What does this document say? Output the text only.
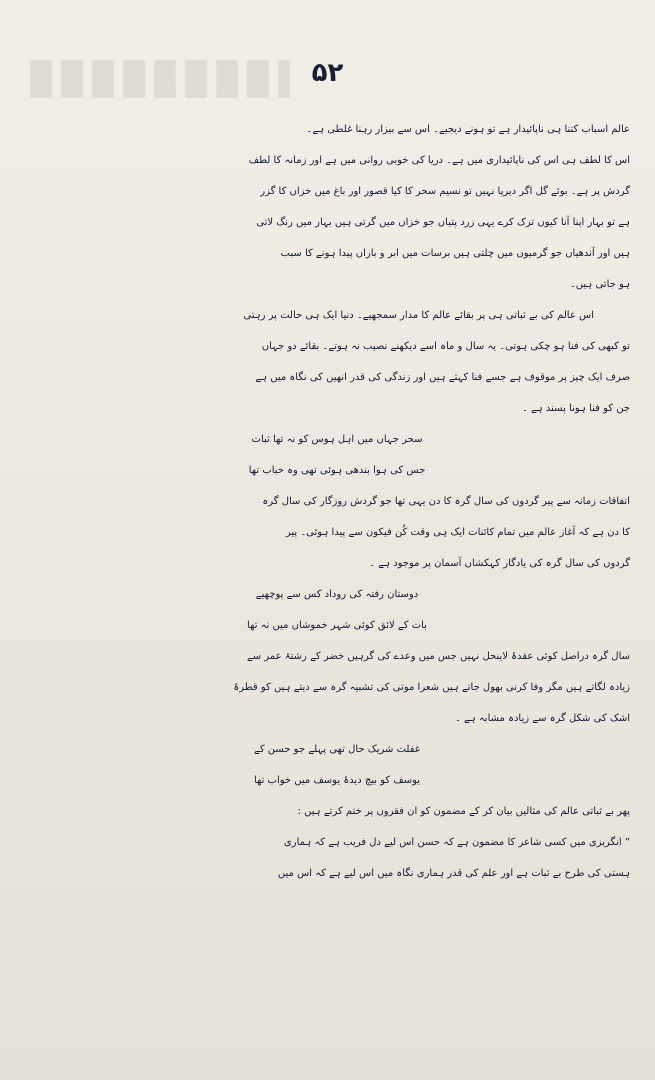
۵۲
عالم اسباب کتنا ہی ناپائیدار ہے تو ہونے دیجیے۔ اس سے بیزار رہنا غلطی ہے۔
اس کا لطف ہی اس کی ناپائیداری میں ہے۔ دریا کی خوبی روانی میں ہے اور زمانہ کا لطف
گردش پر ہے۔ بوئے گل اگر دیرپا نہیں تو نسیم سحر کا کیا قصور اور باغ میں خزاں کا گزر
ہے تو بہار اپنا آنا کیوں ترک کرے یہی زرد پتیاں جو خزاں میں گرتی ہیں بہار میں رنگ لاتی
ہیں اور آندھیاں جو گرمیوں میں چلتی ہیں برسات میں ابر و باراں پیدا ہونے کا سبب
ہو جاتی ہیں۔
اس عالم کی بے ثباتی ہی پر بقائے عالم کا مدار سمجھیے۔ دنیا ایک ہی حالت پر رہتی
تو کبھی کی فنا ہو چکی ہوتی۔ یہ سال و ماہ اسے دیکھنے نصیب نہ ہوتے۔ بقائے دو جہاں
صرف ایک چیز پر موقوف ہے جسے فنا کہتے ہیں اور زندگی کی قدر انھیں کی نگاہ میں ہے
جن کو فنا ہونا پسند ہے ۔
سحر جہاں میں اہل ہوس کو نہ تھا ثبات
جس کی ہوا بندھی ہوئی تھی وہ حباب تھا
اتفاقات زمانہ سے پیر گردوں کی سال گرہ کا دن یہی تھا جو گردش روزگار کی سال گرہ
کا دن ہے کہ آغاز عالم میں تمام کائنات ایک ہی وقت کُن فیکون سے پیدا ہوئی۔ پیر
گردوں کی سال گرہ کی یادگار کہکشاں آسمان پر موجود ہے ۔
دوستان رفتہ کی روداد کس سے پوچھیے
بات کے لائق کوئی شہر خموشاں میں نہ تھا
سال گرہ دراصل کوئی عقدۂ لاینحل نہیں جس میں وعدے کی گرہیں خضر کے رشتۂ عمر سے
زیادہ لگاتے ہیں مگر وفا کرنی بھول جاتے ہیں شعرا موتی کی تشبیہ گرہ سے دیتے ہیں کو قطرۂ
اشک کی شکل گرہ سے زیادہ مشابہ ہے ۔
غفلت شریک حال تھی پہلے جو حسن کے
یوسف کو بیچ دیدۂ یوسف میں خواب تھا
پھر بے ثباتی عالم کی مثالیں بیان کر کے مضمون کو ان فقروں پر ختم کرتے ہیں :
” انگریزی میں کسی شاعر کا مضمون ہے کہ حسن اس لیے دل فریب ہے کہ ہماری
ہستی کی طرح بے ثبات ہے اور علم کی قدر ہماری نگاہ میں اس لیے ہے کہ اس میں
